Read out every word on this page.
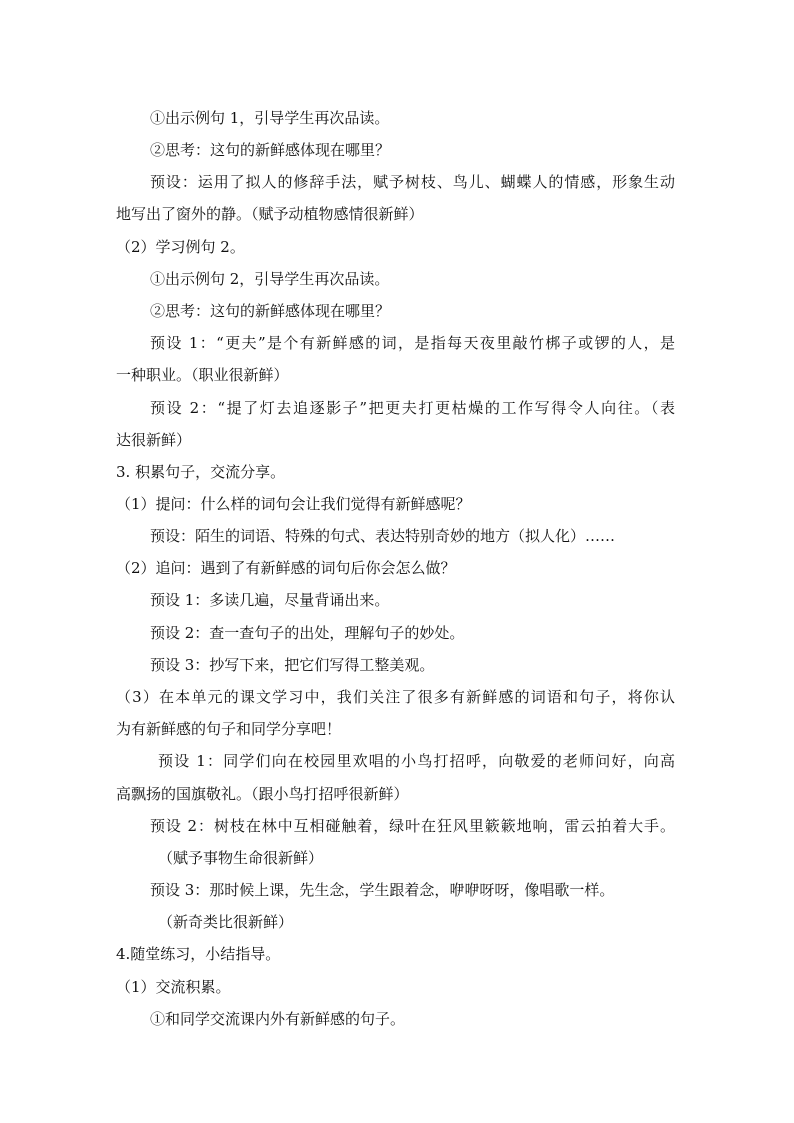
①出示例句 1，引导学生再次品读。
②思考：这句的新鲜感体现在哪里？
预设：运用了拟人的修辞手法，赋予树枝、鸟儿、蝴蝶人的情感，形象生动
地写出了窗外的静。（赋予动植物感情很新鲜）
（2）学习例句 2。
①出示例句 2，引导学生再次品读。
②思考：这句的新鲜感体现在哪里？
预设 1：“更夫”是个有新鲜感的词，是指每天夜里敲竹梆子或锣的人，是
一种职业。（职业很新鲜）
预设 2：“提了灯去追逐影子”把更夫打更枯燥的工作写得令人向往。（表
达很新鲜）
3. 积累句子，交流分享。
（1）提问：什么样的词句会让我们觉得有新鲜感呢？
预设：陌生的词语、特殊的句式、表达特别奇妙的地方（拟人化）……
（2）追问：遇到了有新鲜感的词句后你会怎么做？
预设 1：多读几遍，尽量背诵出来。
预设 2：查一查句子的出处，理解句子的妙处。
预设 3：抄写下来，把它们写得工整美观。
（3）在本单元的课文学习中，我们关注了很多有新鲜感的词语和句子，将你认
为有新鲜感的句子和同学分享吧！
预设 1：同学们向在校园里欢唱的小鸟打招呼，向敬爱的老师问好，向高
高飘扬的国旗敬礼。（跟小鸟打招呼很新鲜）
预设 2：树枝在林中互相碰触着，绿叶在狂风里簌簌地响，雷云拍着大手。
（赋予事物生命很新鲜）
预设 3：那时候上课，先生念，学生跟着念，咿咿呀呀，像唱歌一样。
（新奇类比很新鲜）
4.随堂练习，小结指导。
（1）交流积累。
①和同学交流课内外有新鲜感的句子。
